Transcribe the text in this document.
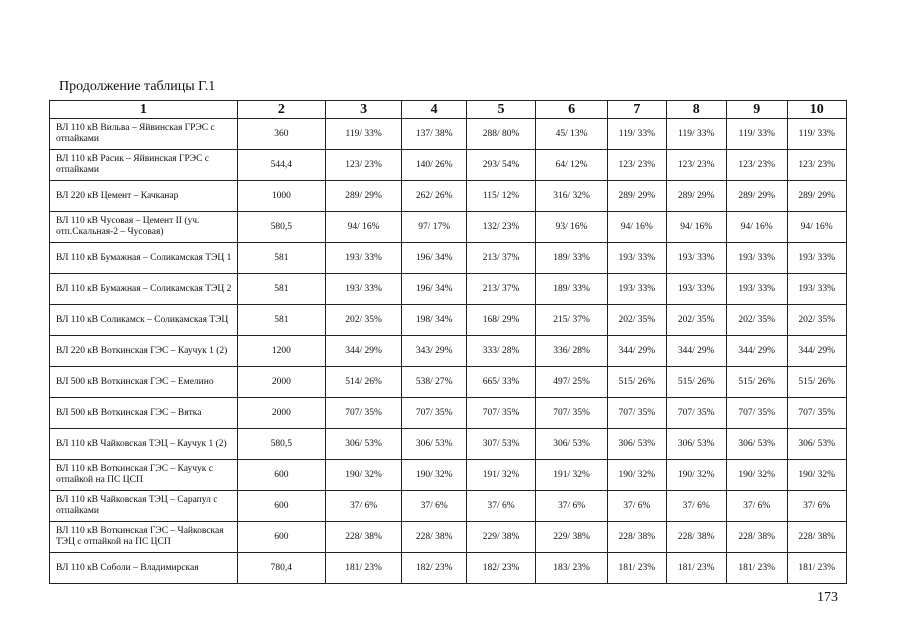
Продолжение таблицы Г.1
1	2	3	4	5	6	7	8	9	10
ВЛ 110 кВ Вильва – Яйвинская ГРЭС с отпайками	360	119/ 33%	137/ 38%	288/ 80%	45/ 13%	119/ 33%	119/ 33%	119/ 33%	119/ 33%
ВЛ 110 кВ Расик – Яйвинская ГРЭС с отпайками	544,4	123/ 23%	140/ 26%	293/ 54%	64/ 12%	123/ 23%	123/ 23%	123/ 23%	123/ 23%
ВЛ 220 кВ Цемент – Качканар	1000	289/ 29%	262/ 26%	115/ 12%	316/ 32%	289/ 29%	289/ 29%	289/ 29%	289/ 29%
ВЛ 110 кВ Чусовая – Цемент II (уч. отп.Скальная-2 – Чусовая)	580,5	94/ 16%	97/ 17%	132/ 23%	93/ 16%	94/ 16%	94/ 16%	94/ 16%	94/ 16%
ВЛ 110 кВ Бумажная – Соликамская ТЭЦ 1	581	193/ 33%	196/ 34%	213/ 37%	189/ 33%	193/ 33%	193/ 33%	193/ 33%	193/ 33%
ВЛ 110 кВ Бумажная – Соликамская ТЭЦ 2	581	193/ 33%	196/ 34%	213/ 37%	189/ 33%	193/ 33%	193/ 33%	193/ 33%	193/ 33%
ВЛ 110 кВ Соликамск – Соликамская ТЭЦ	581	202/ 35%	198/ 34%	168/ 29%	215/ 37%	202/ 35%	202/ 35%	202/ 35%	202/ 35%
ВЛ 220 кВ Воткинская ГЭС – Каучук 1 (2)	1200	344/ 29%	343/ 29%	333/ 28%	336/ 28%	344/ 29%	344/ 29%	344/ 29%	344/ 29%
ВЛ 500 кВ Воткинская ГЭС – Емелино	2000	514/ 26%	538/ 27%	665/ 33%	497/ 25%	515/ 26%	515/ 26%	515/ 26%	515/ 26%
ВЛ 500 кВ Воткинская ГЭС – Вятка	2000	707/ 35%	707/ 35%	707/ 35%	707/ 35%	707/ 35%	707/ 35%	707/ 35%	707/ 35%
ВЛ 110 кВ Чайковская ТЭЦ – Каучук 1 (2)	580,5	306/ 53%	306/ 53%	307/ 53%	306/ 53%	306/ 53%	306/ 53%	306/ 53%	306/ 53%
ВЛ 110 кВ Воткинская ГЭС – Каучук с отпайкой на ПС ЦСП	600	190/ 32%	190/ 32%	191/ 32%	191/ 32%	190/ 32%	190/ 32%	190/ 32%	190/ 32%
ВЛ 110 кВ Чайковская ТЭЦ – Сарапул с отпайками	600	37/ 6%	37/ 6%	37/ 6%	37/ 6%	37/ 6%	37/ 6%	37/ 6%	37/ 6%
ВЛ 110 кВ Воткинская ГЭС – Чайковская ТЭЦ с отпайкой на ПС ЦСП	600	228/ 38%	228/ 38%	229/ 38%	229/ 38%	228/ 38%	228/ 38%	228/ 38%	228/ 38%
ВЛ 110 кВ Соболи – Владимирская	780,4	181/ 23%	182/ 23%	182/ 23%	183/ 23%	181/ 23%	181/ 23%	181/ 23%	181/ 23%
173
